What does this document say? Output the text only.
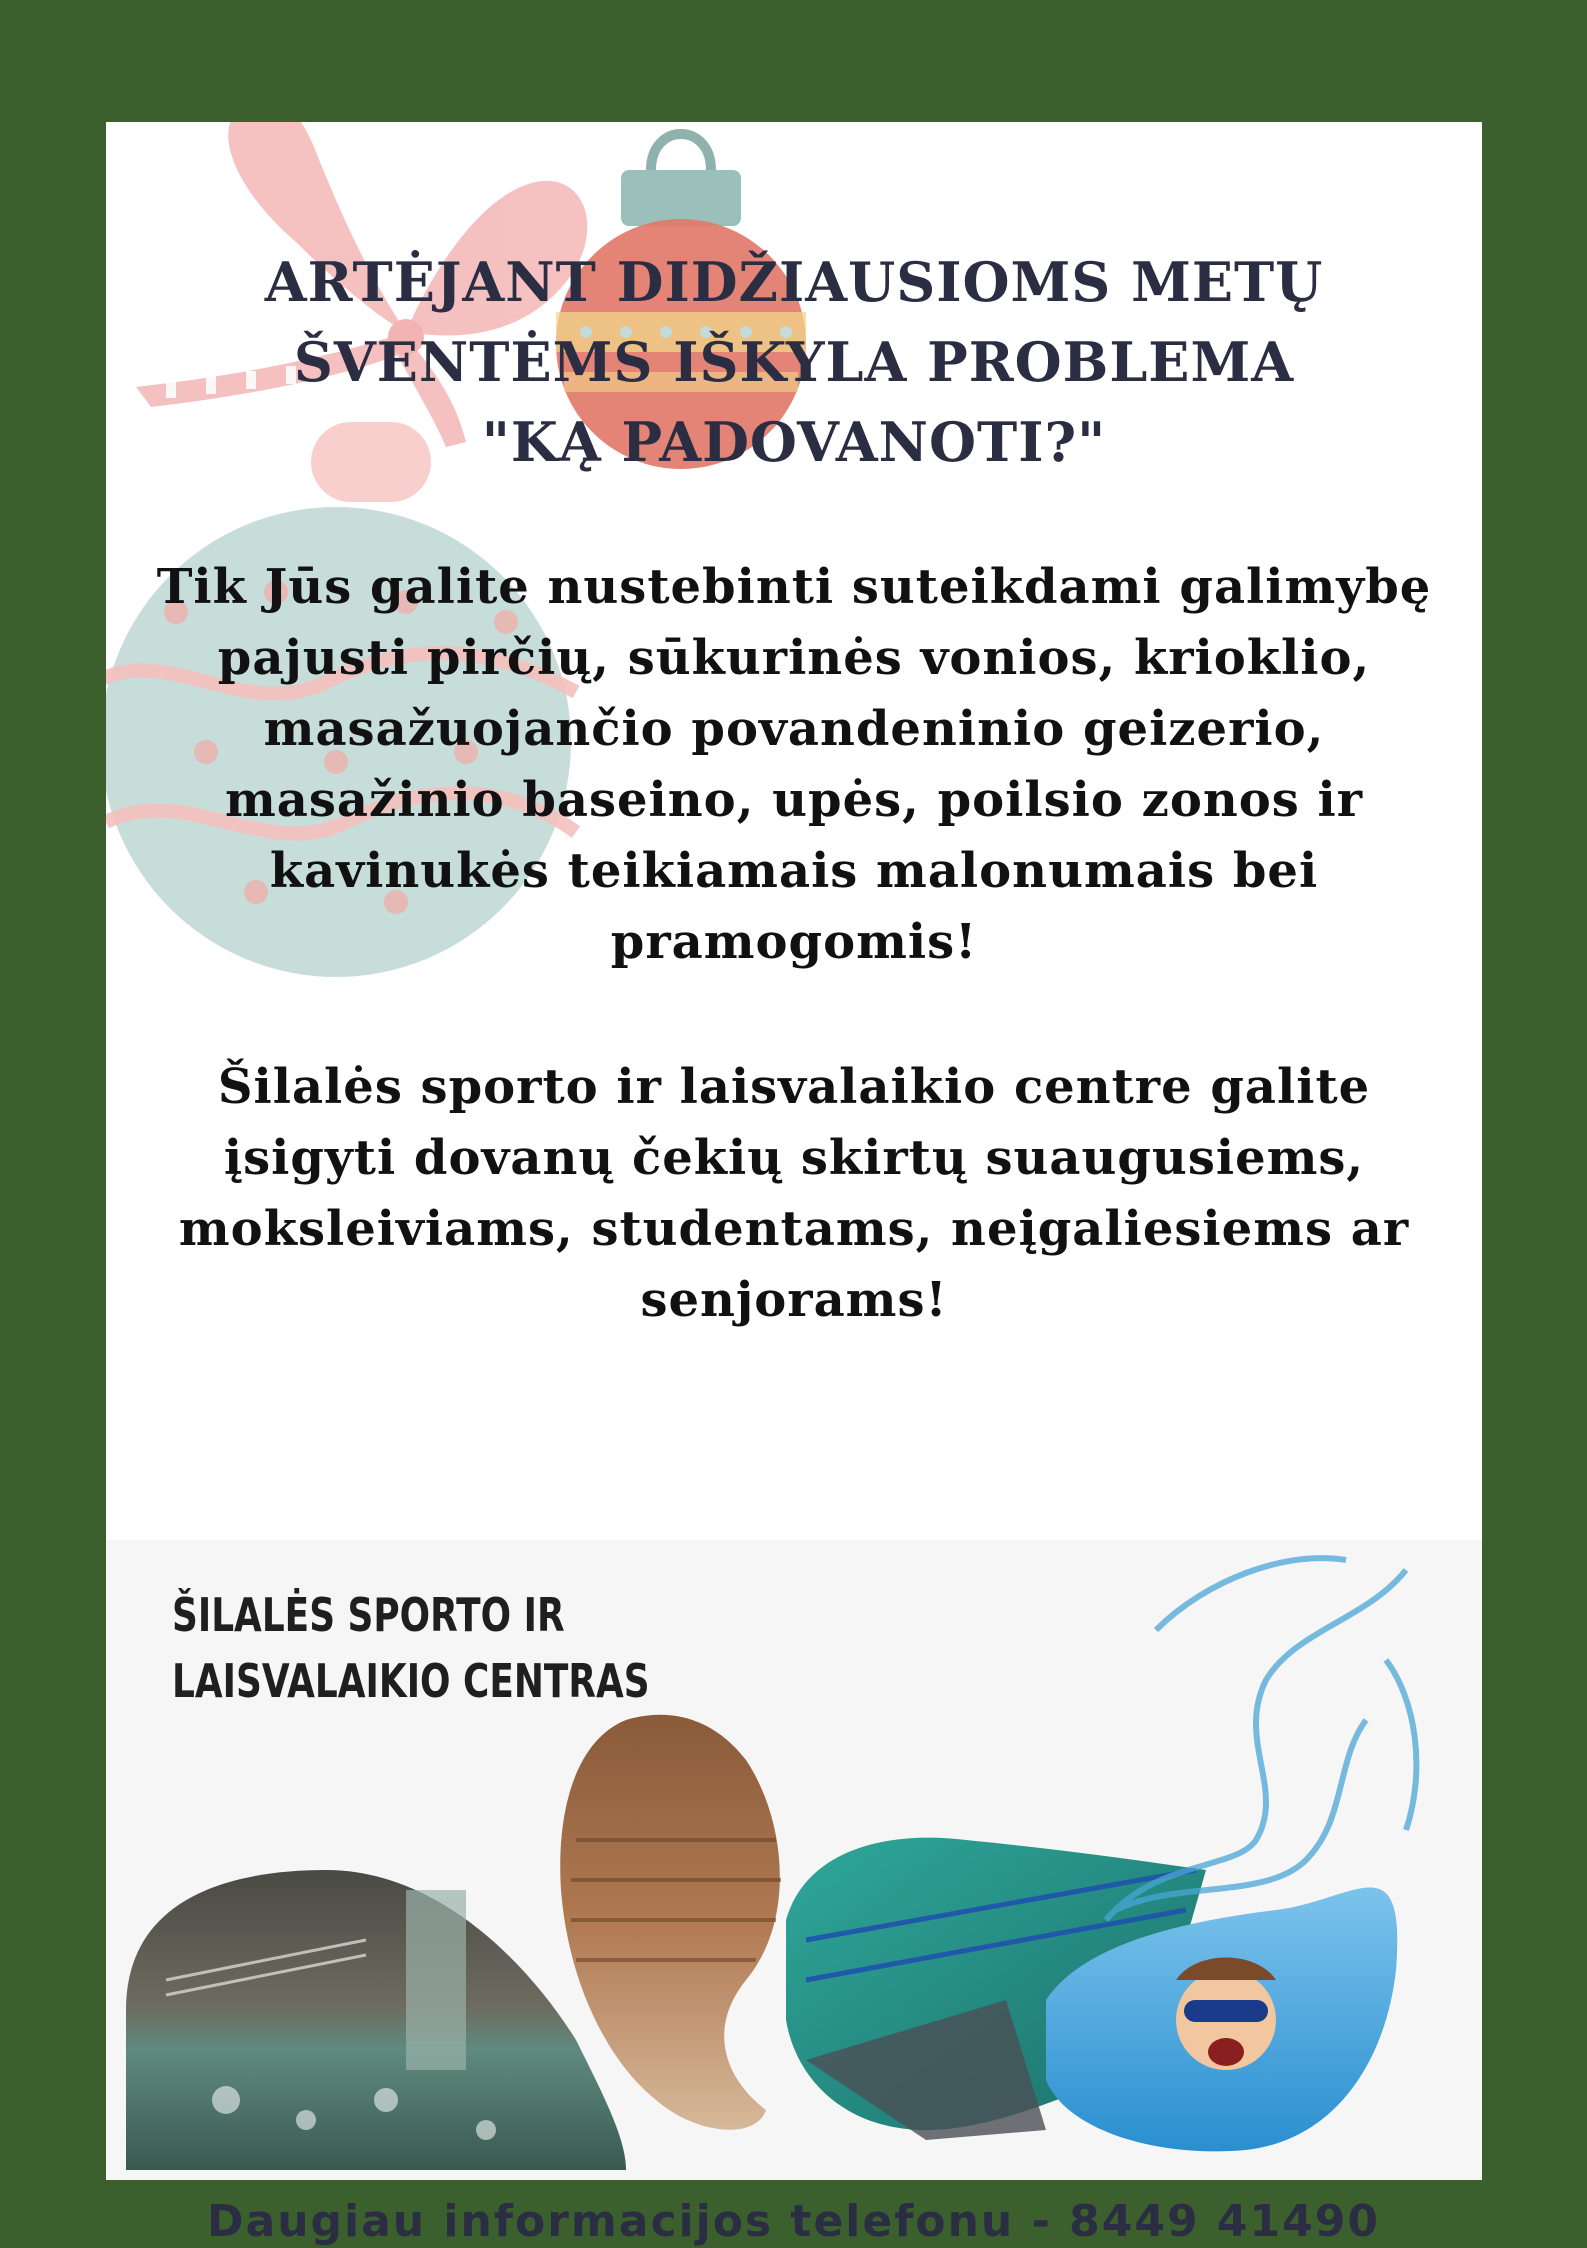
ARTĖJANT DIDŽIAUSIOMS METŲ
ŠVENTĖMS IŠKYLA PROBLEMA
"KĄ PADOVANOTI?"
Tik Jūs galite nustebinti suteikdami galimybę
pajusti pirčių, sūkurinės vonios, krioklio,
masažuojančio povandeninio geizerio,
masažinio baseino, upės, poilsio zonos ir
kavinukės teikiamais malonumais bei
pramogomis!
Šilalės sporto ir laisvalaikio centre galite
įsigyti dovanų čekių skirtų suaugusiems,
moksleiviams, studentams, neįgaliesiems ar
senjorams!
ŠILALĖS SPORTO IR
LAISVALAIKIO CENTRAS
Daugiau informacijos telefonu - 8449 41490
